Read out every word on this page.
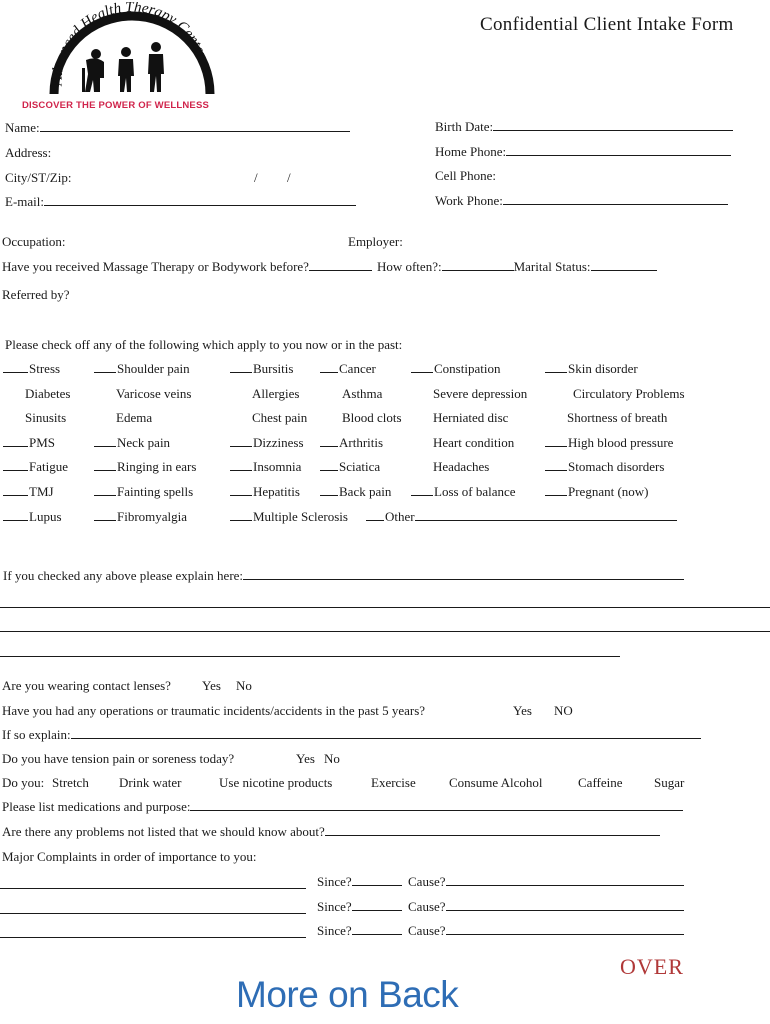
Advanced Health Therapy Center
DISCOVER THE POWER OF WELLNESS
Confidential Client Intake Form
Name:
Address:
City/ST/Zip:	/ /
E-mail:
Birth Date:
Home Phone:
Cell Phone:
Work Phone:
Occupation:	Employer:
Have you received Massage Therapy or Bodywork before?	How often?:	Marital Status:
Referred by?
Please check off any of the following which apply to you now or in the past:
Stress	Shoulder pain	Bursitis	Cancer	Constipation	Skin disorder
Diabetes	Varicose veins	Allergies	Asthma	Severe depression	Circulatory Problems
Sinusits	Edema	Chest pain	Blood clots	Herniated disc	Shortness of breath
PMS	Neck pain	Dizziness	Arthritis	Heart condition	High blood pressure
Fatigue	Ringing in ears	Insomnia	Sciatica	Headaches	Stomach disorders
TMJ	Fainting spells	Hepatitis	Back pain	Loss of balance	Pregnant (now)
Lupus	Fibromyalgia	Multiple Sclerosis	Other
If you checked any above please explain here:
Are you wearing contact lenses? Yes No
Have you had any operations or traumatic incidents/accidents in the past 5 years?	Yes NO
If so explain:
Do you have tension pain or soreness today?	Yes No
Do you: Stretch Drink water	Use nicotine products	Exercise	Consume Alcohol	Caffeine Sugar
Please list medications and purpose:
Are there any problems not listed that we should know about?
Major Complaints in order of importance to you:
Since?	Cause?
Since?	Cause?
Since?	Cause?
OVER
More on Back
